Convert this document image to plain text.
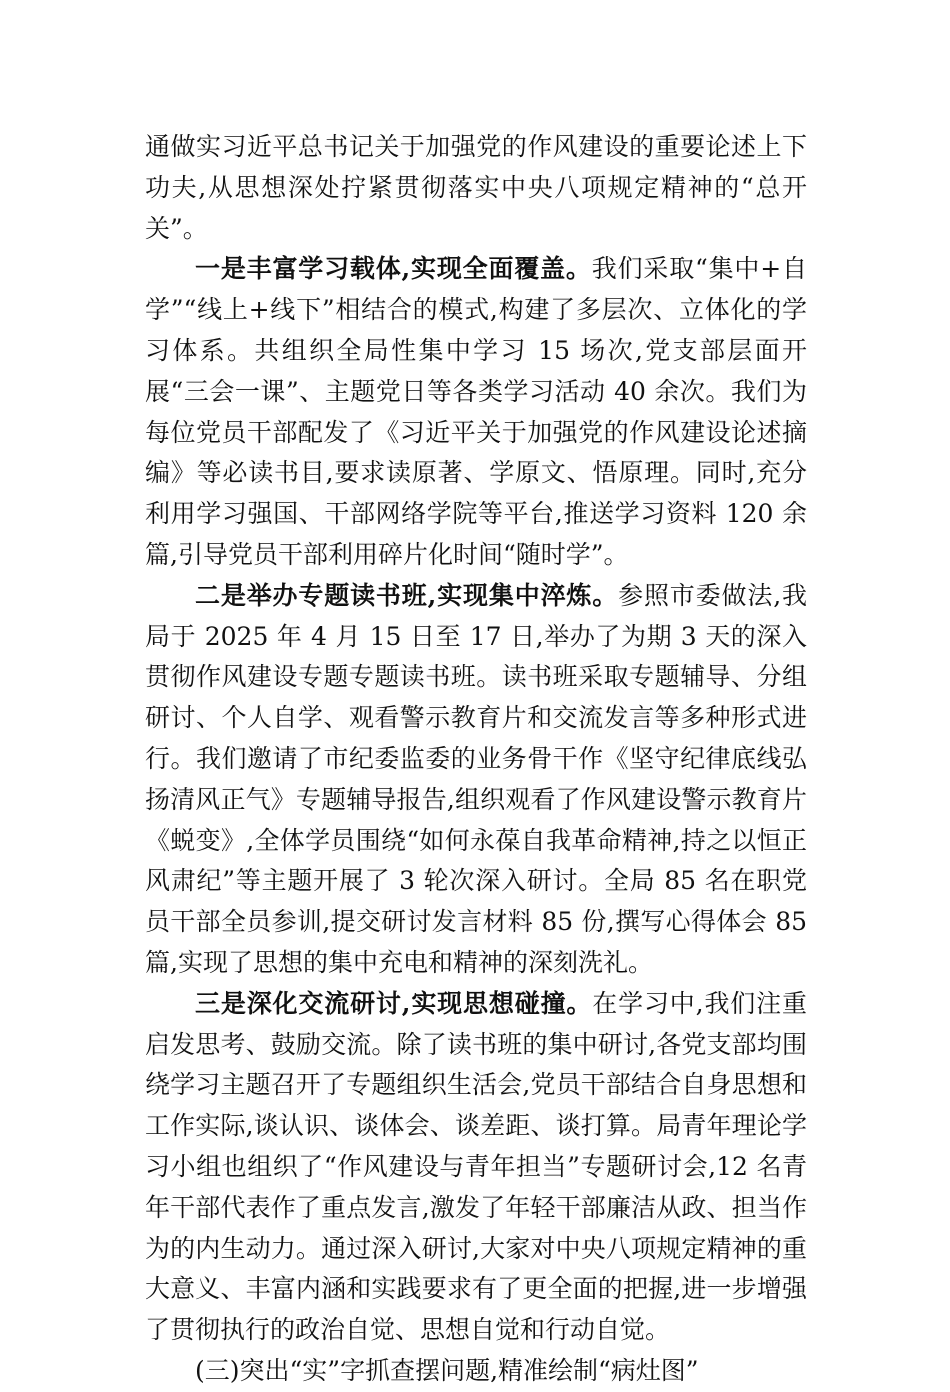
通做实习近平总书记关于加强党的作风建设的重要论述上下功夫,从思想深处拧紧贯彻落实中央八项规定精神的“总开关”。

一是丰富学习载体,实现全面覆盖。我们采取“集中+自学”“线上+线下”相结合的模式,构建了多层次、立体化的学习体系。共组织全局性集中学习 15 场次,党支部层面开展“三会一课”、主题党日等各类学习活动 40 余次。我们为每位党员干部配发了《习近平关于加强党的作风建设论述摘编》等必读书目,要求读原著、学原文、悟原理。同时,充分利用学习强国、干部网络学院等平台,推送学习资料 120 余篇,引导党员干部利用碎片化时间“随时学”。

二是举办专题读书班,实现集中淬炼。参照市委做法,我局于 2025 年 4 月 15 日至 17 日,举办了为期 3 天的深入贯彻作风建设专题专题读书班。读书班采取专题辅导、分组研讨、个人自学、观看警示教育片和交流发言等多种形式进行。我们邀请了市纪委监委的业务骨干作《坚守纪律底线弘扬清风正气》专题辅导报告,组织观看了作风建设警示教育片《蜕变》,全体学员围绕“如何永葆自我革命精神,持之以恒正风肃纪”等主题开展了 3 轮次深入研讨。全局 85 名在职党员干部全员参训,提交研讨发言材料 85 份,撰写心得体会 85 篇,实现了思想的集中充电和精神的深刻洗礼。

三是深化交流研讨,实现思想碰撞。在学习中,我们注重启发思考、鼓励交流。除了读书班的集中研讨,各党支部均围绕学习主题召开了专题组织生活会,党员干部结合自身思想和工作实际,谈认识、谈体会、谈差距、谈打算。局青年理论学习小组也组织了“作风建设与青年担当”专题研讨会,12 名青年干部代表作了重点发言,激发了年轻干部廉洁从政、担当作为的内生动力。通过深入研讨,大家对中央八项规定精神的重大意义、丰富内涵和实践要求有了更全面的把握,进一步增强了贯彻执行的政治自觉、思想自觉和行动自觉。

(三)突出“实”字抓查摆问题,精准绘制“病灶图”
